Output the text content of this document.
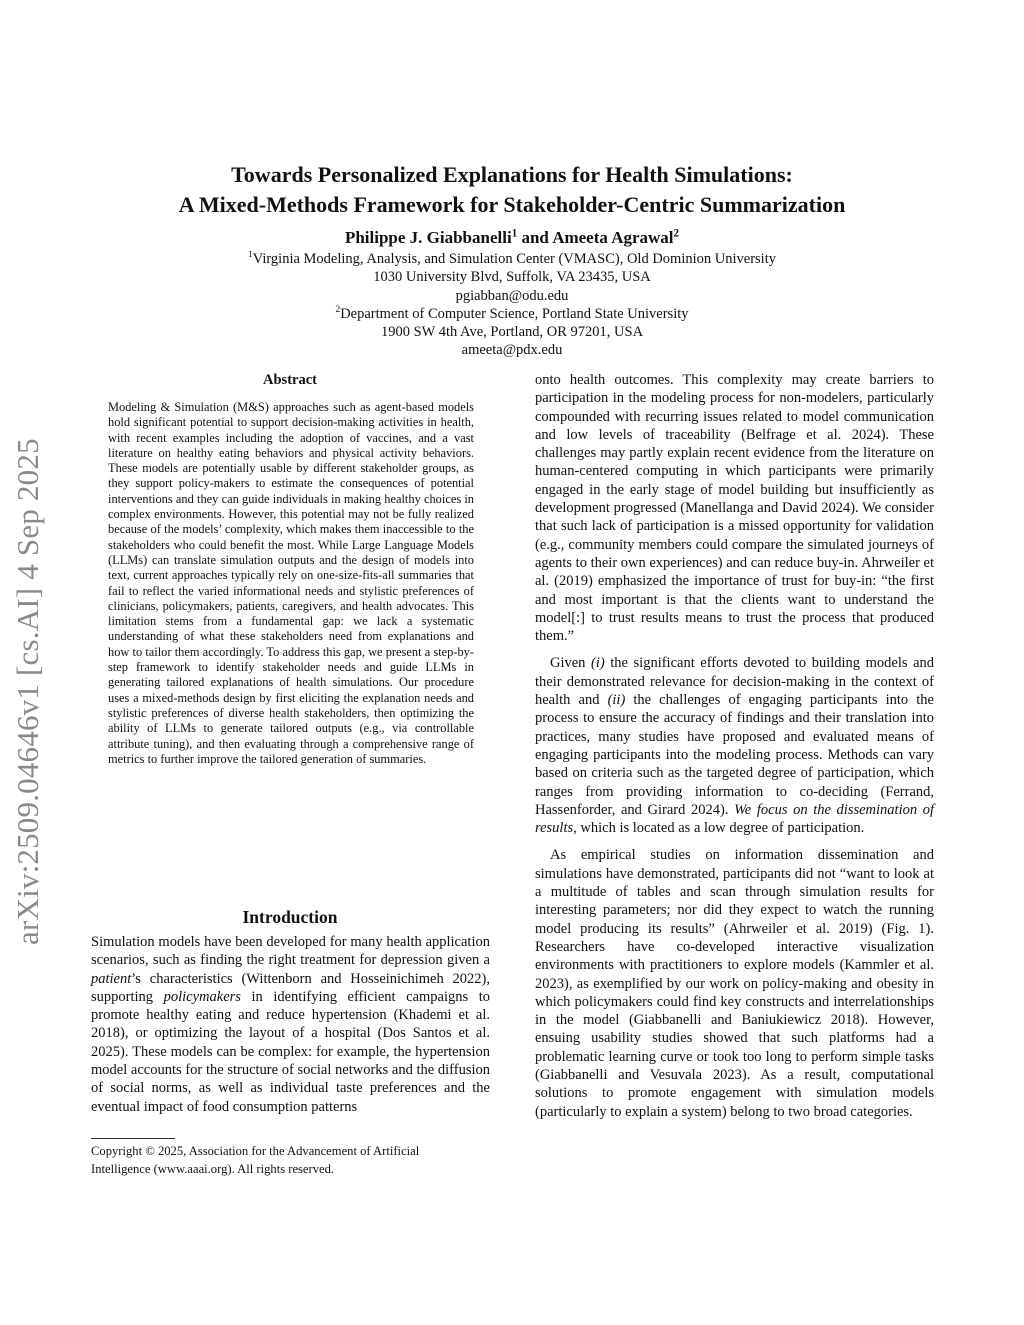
arXiv:2509.04646v1 [cs.AI] 4 Sep 2025
Towards Personalized Explanations for Health Simulations:
A Mixed-Methods Framework for Stakeholder-Centric Summarization
Philippe J. Giabbanelli$^1$ and Ameeta Agrawal$^2$
$^1$Virginia Modeling, Analysis, and Simulation Center (VMASC), Old Dominion University
1030 University Blvd, Suffolk, VA 23435, USA
pgiabban@odu.edu
$^2$Department of Computer Science, Portland State University
1900 SW 4th Ave, Portland, OR 97201, USA
ameeta@pdx.edu
Abstract
Modeling & Simulation (M&S) approaches such as agent-based models hold significant potential to support decision-making activities in health, with recent examples including the adoption of vaccines, and a vast literature on healthy eating behaviors and physical activity behaviors. These models are potentially usable by different stakeholder groups, as they support policy-makers to estimate the consequences of potential interventions and they can guide individuals in making healthy choices in complex environments. However, this potential may not be fully realized because of the models’ complexity, which makes them inaccessible to the stakeholders who could benefit the most. While Large Language Models (LLMs) can translate simulation outputs and the design of models into text, current approaches typically rely on one-size-fits-all summaries that fail to reflect the varied informational needs and stylistic preferences of clinicians, policymakers, patients, caregivers, and health advocates. This limitation stems from a fundamental gap: we lack a systematic understanding of what these stakeholders need from explanations and how to tailor them accordingly. To address this gap, we present a step-by-step framework to identify stakeholder needs and guide LLMs in generating tailored explanations of health simulations. Our procedure uses a mixed-methods design by first eliciting the explanation needs and stylistic preferences of diverse health stakeholders, then optimizing the ability of LLMs to generate tailored outputs (e.g., via controllable attribute tuning), and then evaluating through a comprehensive range of metrics to further improve the tailored generation of summaries.
Introduction
Simulation models have been developed for many health application scenarios, such as finding the right treatment for depression given a patient’s characteristics (Wittenborn and Hosseinichimeh 2022), supporting policymakers in identifying efficient campaigns to promote healthy eating and reduce hypertension (Khademi et al. 2018), or optimizing the layout of a hospital (Dos Santos et al. 2025). These models can be complex: for example, the hypertension model accounts for the structure of social networks and the diffusion of social norms, as well as individual taste preferences and the eventual impact of food consumption patterns
Copyright © 2025, Association for the Advancement of Artificial
Intelligence (www.aaai.org). All rights reserved.

onto health outcomes. This complexity may create barriers to participation in the modeling process for non-modelers, particularly compounded with recurring issues related to model communication and low levels of traceability (Belfrage et al. 2024). These challenges may partly explain recent evidence from the literature on human-centered computing in which participants were primarily engaged in the early stage of model building but insufficiently as development progressed (Manellanga and David 2024). We consider that such lack of participation is a missed opportunity for validation (e.g., community members could compare the simulated journeys of agents to their own experiences) and can reduce buy-in. Ahrweiler et al. (2019) emphasized the importance of trust for buy-in: “the first and most important is that the clients want to understand the model[:] to trust results means to trust the process that produced them.”

Given (i) the significant efforts devoted to building models and their demonstrated relevance for decision-making in the context of health and (ii) the challenges of engaging participants into the process to ensure the accuracy of findings and their translation into practices, many studies have proposed and evaluated means of engaging participants into the modeling process. Methods can vary based on criteria such as the targeted degree of participation, which ranges from providing information to co-deciding (Ferrand, Hassenforder, and Girard 2024). We focus on the dissemination of results, which is located as a low degree of participation.

As empirical studies on information dissemination and simulations have demonstrated, participants did not “want to look at a multitude of tables and scan through simulation results for interesting parameters; nor did they expect to watch the running model producing its results” (Ahrweiler et al. 2019) (Fig. 1). Researchers have co-developed interactive visualization environments with practitioners to explore models (Kammler et al. 2023), as exemplified by our work on policy-making and obesity in which policymakers could find key constructs and interrelationships in the model (Giabbanelli and Baniukiewicz 2018). However, ensuing usability studies showed that such platforms had a problematic learning curve or took too long to perform simple tasks (Giabbanelli and Vesuvala 2023). As a result, computational solutions to promote engagement with simulation models (particularly to explain a system) belong to two broad categories.
